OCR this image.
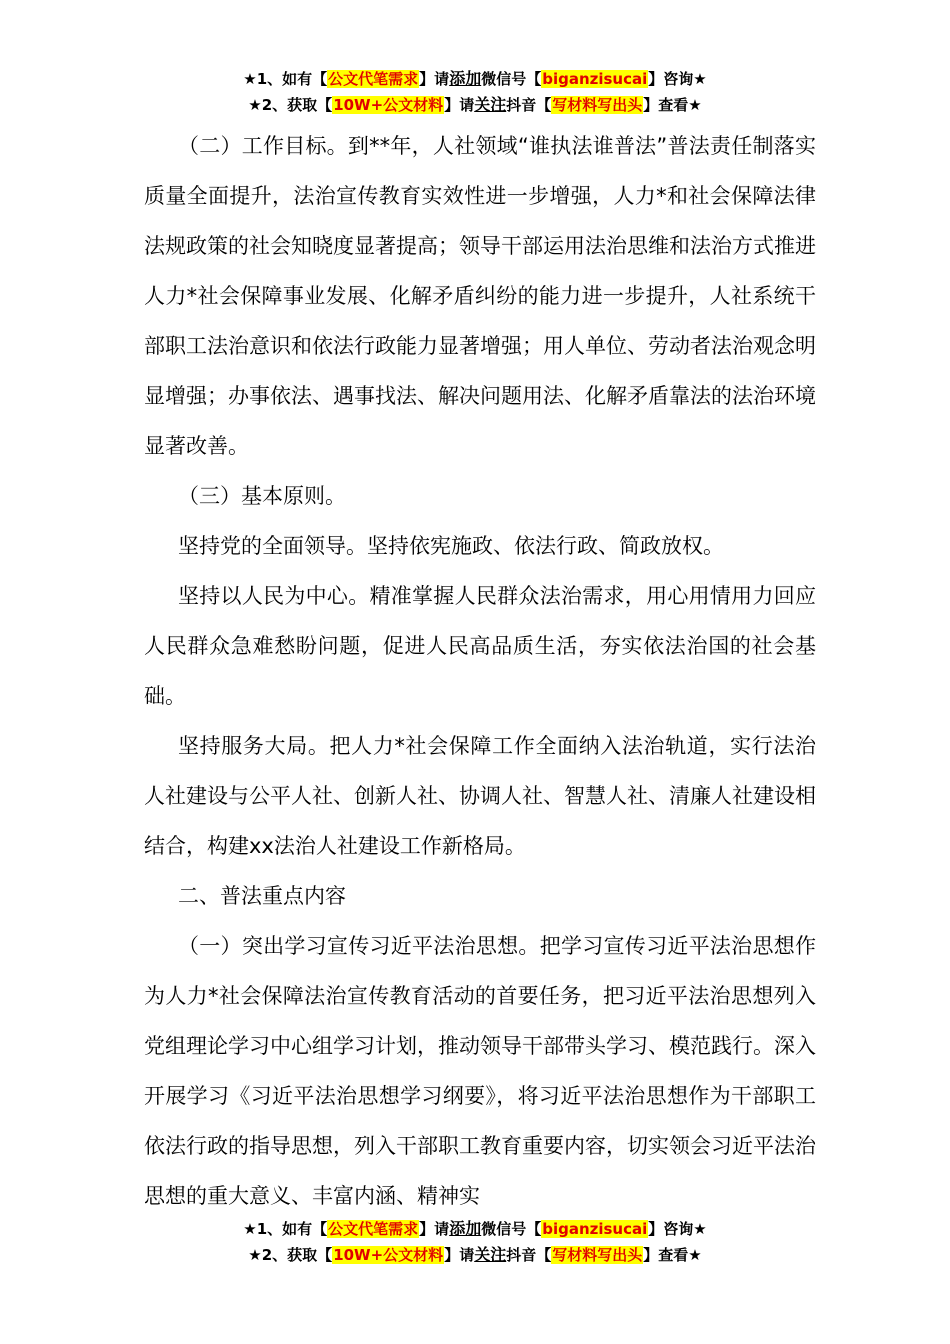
★1、如有【公文代笔需求】请添加微信号【biganzisucai】咨询★
★2、获取【10W+公文材料】请关注抖音【写材料写出头】查看★

（二）工作目标。到**年，人社领域“谁执法谁普法”普法责任制落实质量全面提升，法治宣传教育实效性进一步增强，人力*和社会保障法律法规政策的社会知晓度显著提高；领导干部运用法治思维和法治方式推进人力*社会保障事业发展、化解矛盾纠纷的能力进一步提升，人社系统干部职工法治意识和依法行政能力显著增强；用人单位、劳动者法治观念明显增强；办事依法、遇事找法、解决问题用法、化解矛盾靠法的法治环境显著改善。

（三）基本原则。

坚持党的全面领导。坚持依宪施政、依法行政、简政放权。

坚持以人民为中心。精准掌握人民群众法治需求，用心用情用力回应人民群众急难愁盼问题，促进人民高品质生活，夯实依法治国的社会基础。

坚持服务大局。把人力*社会保障工作全面纳入法治轨道，实行法治人社建设与公平人社、创新人社、协调人社、智慧人社、清廉人社建设相结合，构建xx法治人社建设工作新格局。

二、普法重点内容

（一）突出学习宣传习近平法治思想。把学习宣传习近平法治思想作为人力*社会保障法治宣传教育活动的首要任务，把习近平法治思想列入党组理论学习中心组学习计划，推动领导干部带头学习、模范践行。深入开展学习《习近平法治思想学习纲要》，将习近平法治思想作为干部职工依法行政的指导思想，列入干部职工教育重要内容，切实领会习近平法治思想的重大意义、丰富内涵、精神实

★1、如有【公文代笔需求】请添加微信号【biganzisucai】咨询★
★2、获取【10W+公文材料】请关注抖音【写材料写出头】查看★
